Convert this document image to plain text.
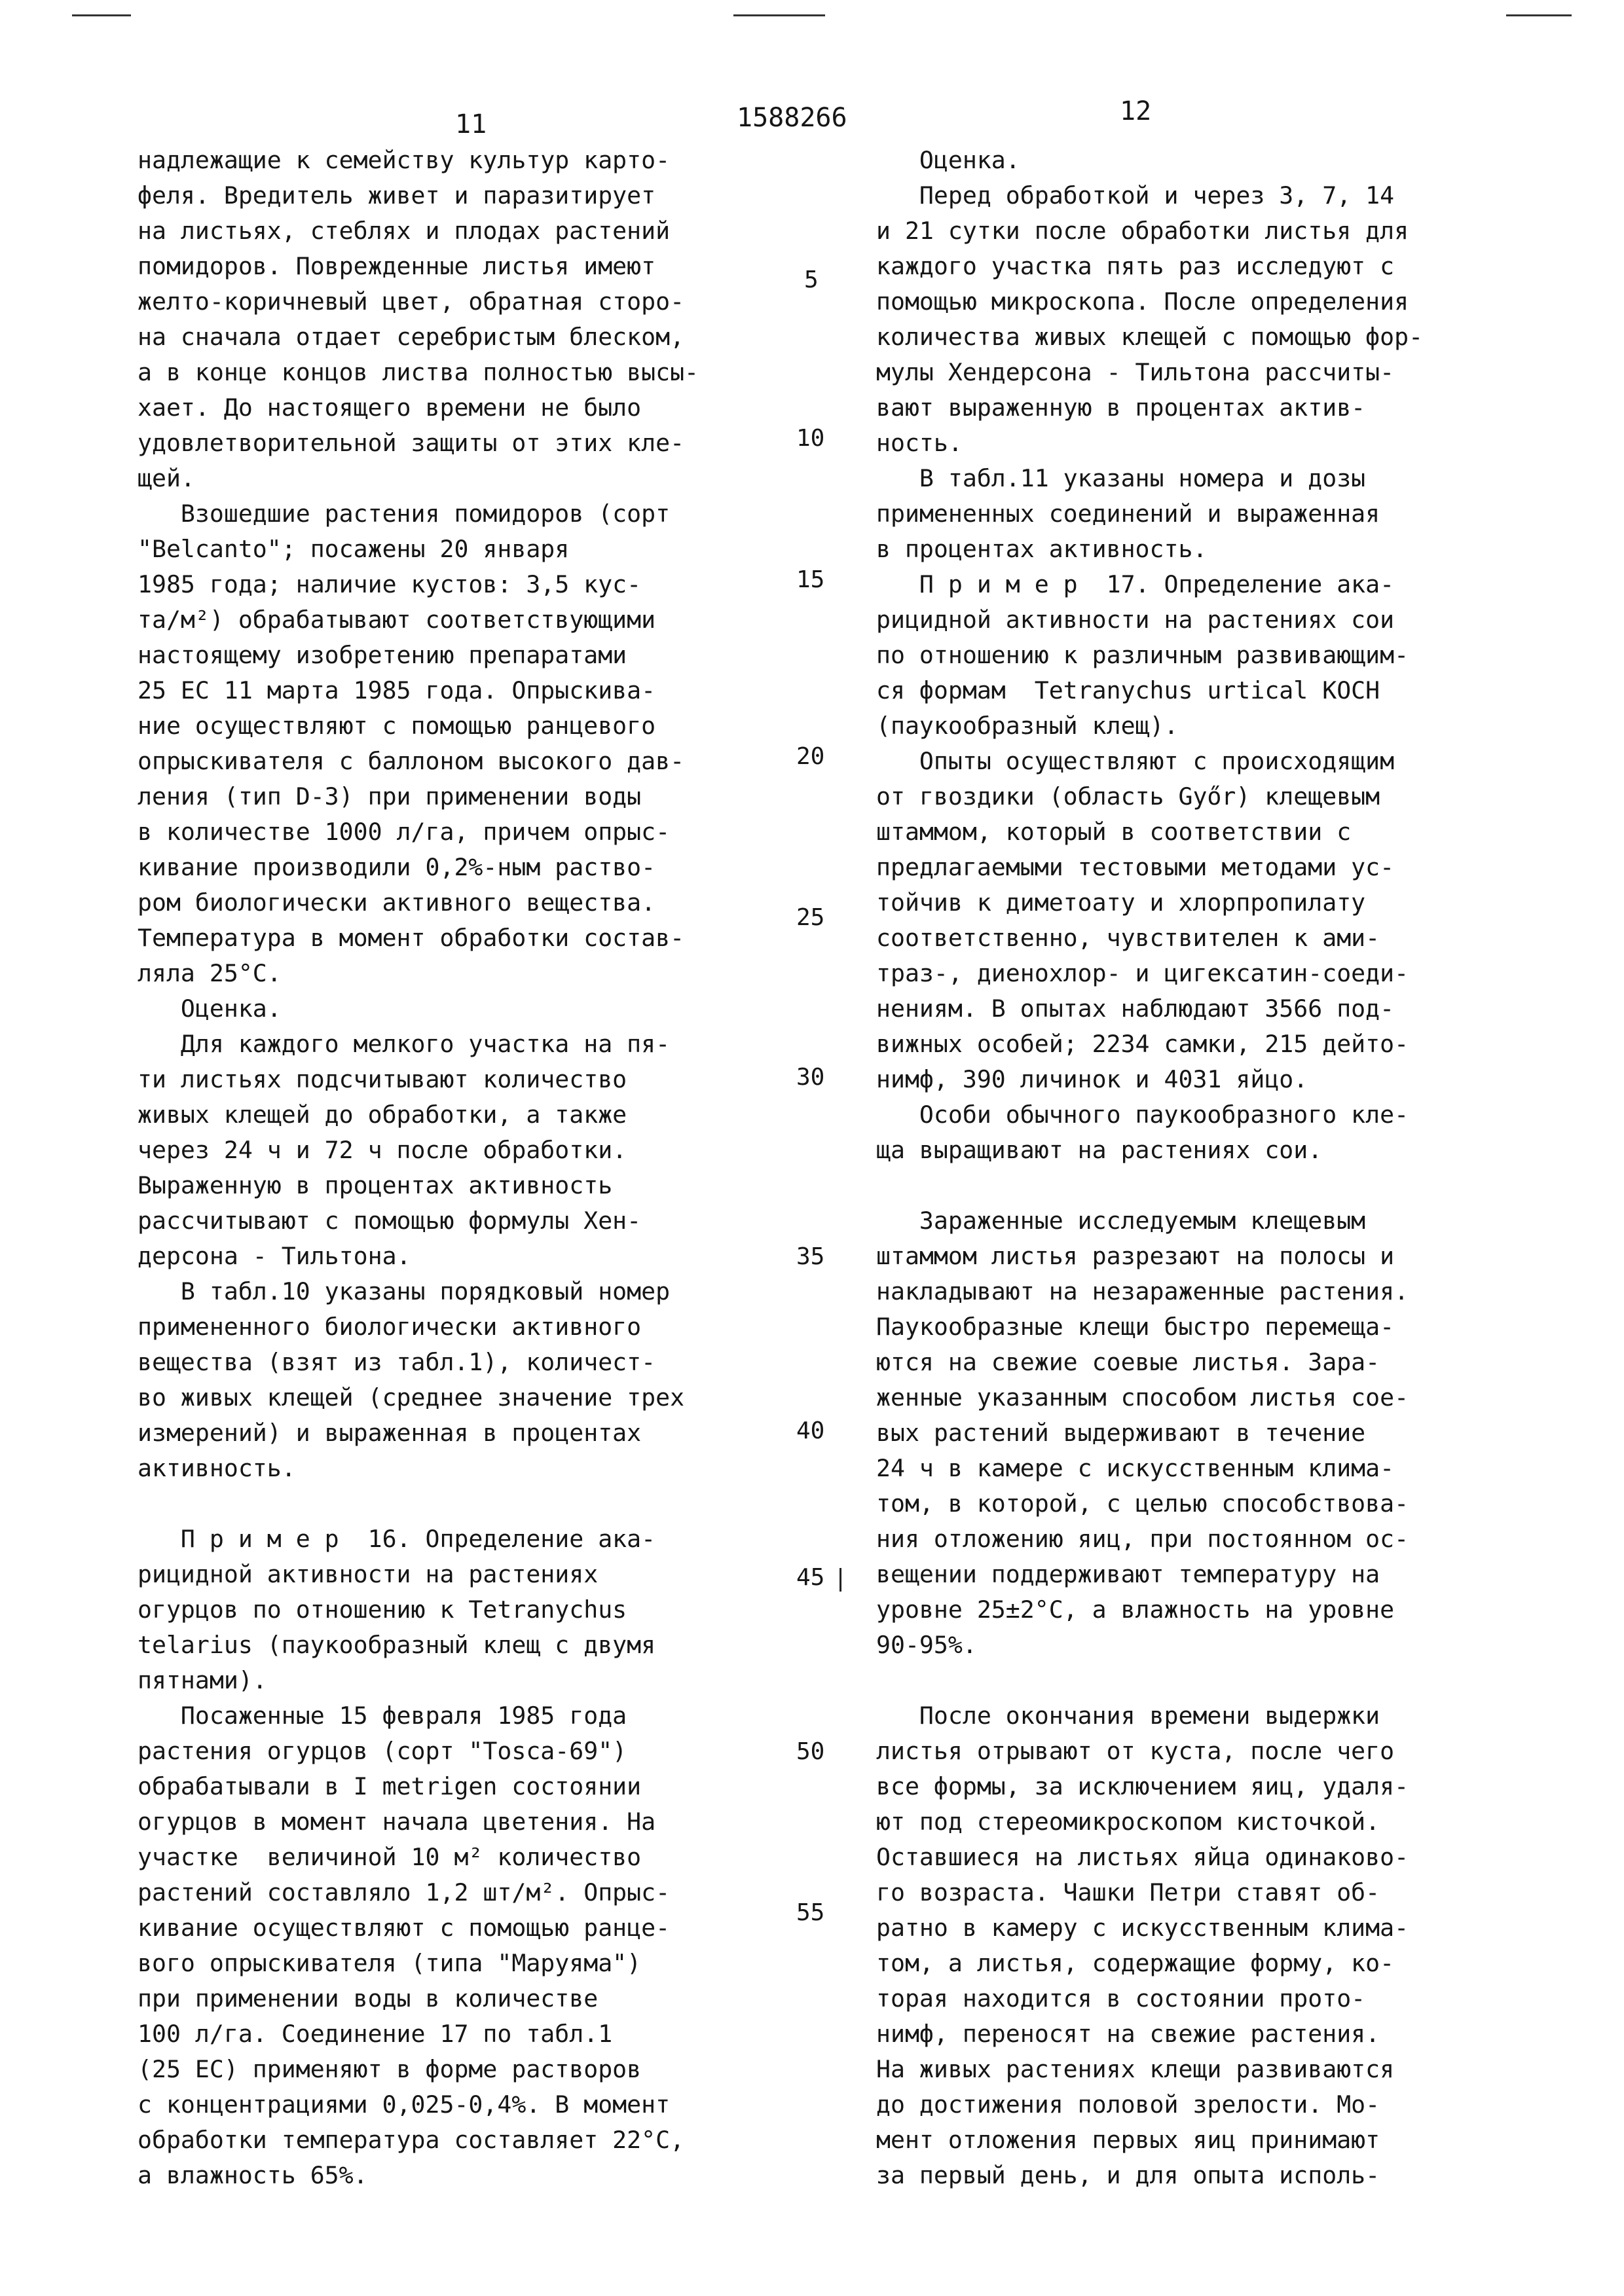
11	1588266	12
надлежащие к семейству культур карто-
феля. Вредитель живет и паразитирует
на листьях, стеблях и плодах растений
помидоров. Поврежденные листья имеют
желто-коричневый цвет, обратная сторо-
на сначала отдает серебристым блеском,
а в конце концов листва полностью высы-
хает. До настоящего времени не было
удовлетворительной защиты от этих кле-
щей.
Взошедшие растения помидоров (сорт
"Belcanto"; посажены 20 января
1985 года; наличие кустов: 3,5 кус-
та/м²) обрабатывают соответствующими
настоящему изобретению препаратами
25 ЕС 11 марта 1985 года. Опрыскива-
ние осуществляют с помощью ранцевого
опрыскивателя с баллоном высокого дав-
ления (тип D-3) при применении воды
в количестве 1000 л/га, причем опрыс-
кивание производили 0,2%-ным раство-
ром биологически активного вещества.
Температура в момент обработки состав-
ляла 25°С.
Оценка.
Для каждого мелкого участка на пя-
ти листьях подсчитывают количество
живых клещей до обработки, а также
через 24 ч и 72 ч после обработки.
Выраженную в процентах активность
рассчитывают с помощью формулы Хен-
дерсона - Тильтона.
В табл.10 указаны порядковый номер
примененного биологически активного
вещества (взят из табл.1), количест-
во живых клещей (среднее значение трех
измерений) и выраженная в процентах
активность.
П р и м е р  16. Определение ака-
рицидной активности на растениях
огурцов по отношению к Tetranychus
telarius (паукообразный клещ с двумя
пятнами).
Посаженные 15 февраля 1985 года
растения огурцов (сорт "Tosca-69")
обрабатывали в I metrigen состоянии
огурцов в момент начала цветения. На
участке  величиной 10 м² количество
растений составляло 1,2 шт/м². Опрыс-
кивание осуществляют с помощью ранце-
вого опрыскивателя (типа "Маруяма")
при применении воды в количестве
100 л/га. Соединение 17 по табл.1
(25 ЕС) применяют в форме растворов
с концентрациями 0,025-0,4%. В момент
обработки температура составляет 22°С,
а влажность 65%.
Оценка.
Перед обработкой и через 3, 7, 14
и 21 сутки после обработки листья для
каждого участка пять раз исследуют с
помощью микроскопа. После определения
количества живых клещей с помощью фор-
мулы Хендерсона - Тильтона рассчиты-
вают выраженную в процентах актив-
ность.
В табл.11 указаны номера и дозы
примененных соединений и выраженная
в процентах активность.
П р и м е р  17. Определение ака-
рицидной активности на растениях сои
по отношению к различным развивающим-
ся формам  Tetranychus urtical KOCH
(паукообразный клещ).
Опыты осуществляют с происходящим
от гвоздики (область Győr) клещевым
штаммом, который в соответствии с
предлагаемыми тестовыми методами ус-
тойчив к диметоату и хлорпропилату
соответственно, чувствителен к ами-
траз-, диенохлор- и цигексатин-соеди-
нениям. В опытах наблюдают 3566 под-
вижных особей; 2234 самки, 215 дейто-
нимф, 390 личинок и 4031 яйцо.
Особи обычного паукообразного кле-
ща выращивают на растениях сои.
Зараженные исследуемым клещевым
штаммом листья разрезают на полосы и
накладывают на незараженные растения.
Паукообразные клещи быстро перемеща-
ются на свежие соевые листья. Зара-
женные указанным способом листья сое-
вых растений выдерживают в течение
24 ч в камере с искусственным клима-
том, в которой, с целью способствова-
ния отложению яиц, при постоянном ос-
вещении поддерживают температуру на
уровне 25±2°С, а влажность на уровне
90-95%.
После окончания времени выдержки
листья отрывают от куста, после чего
все формы, за исключением яиц, удаля-
ют под стереомикроскопом кисточкой.
Оставшиеся на листьях яйца одинаково-
го возраста. Чашки Петри ставят об-
ратно в камеру с искусственным клима-
том, а листья, содержащие форму, ко-
торая находится в состоянии прото-
нимф, переносят на свежие растения.
На живых растениях клещи развиваются
до достижения половой зрелости. Мо-
мент отложения первых яиц принимают
за первый день, и для опыта исполь-
5
10
15
20
25
30
35
40
45
50
55
